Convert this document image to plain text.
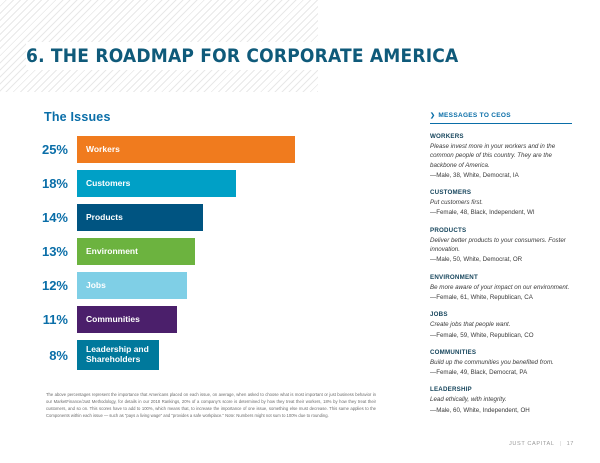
6. THE ROADMAP FOR CORPORATE AMERICA
The Issues
25%	Workers
18%	Customers
14%	Products
13%	Environment
12%	Jobs
11%	Communities
8%	Leadership and Shareholders
The above percentages represent the importance that Americans placed on each issue, on average, when asked to choose what is most important or just business behavior in our MarketFinance/Just Methodology, for details in our 2018 Rankings, 20% of a company's score is determined by how they treat their workers, 18% by how they treat their customers, and so on. This scores have to add to 100%, which means that, to increase the importance of one issue, something else must decrease. This same applies to the Components within each issue — such as "pays a living wage" and "provides a safe workplace." Note: Numbers might not sum to 100% due to rounding.
❯ MESSAGES TO CEOS
WORKERS
Please invest more in your workers and in the common people of this country. They are the backbone of America.
—Male, 38, White, Democrat, IA
CUSTOMERS
Put customers first.
—Female, 48, Black, Independent, WI
PRODUCTS
Deliver better products to your consumers. Foster innovation.
—Male, 50, White, Democrat, OR
ENVIRONMENT
Be more aware of your impact on our environment.
—Female, 61, White, Republican, CA
JOBS
Create jobs that people want.
—Female, 59, White, Republican, CO
COMMUNITIES
Build up the communities you benefited from.
—Female, 49, Black, Democrat, PA
LEADERSHIP
Lead ethically, with integrity.
—Male, 60, White, Independent, OH
JUST CAPITAL | 17
